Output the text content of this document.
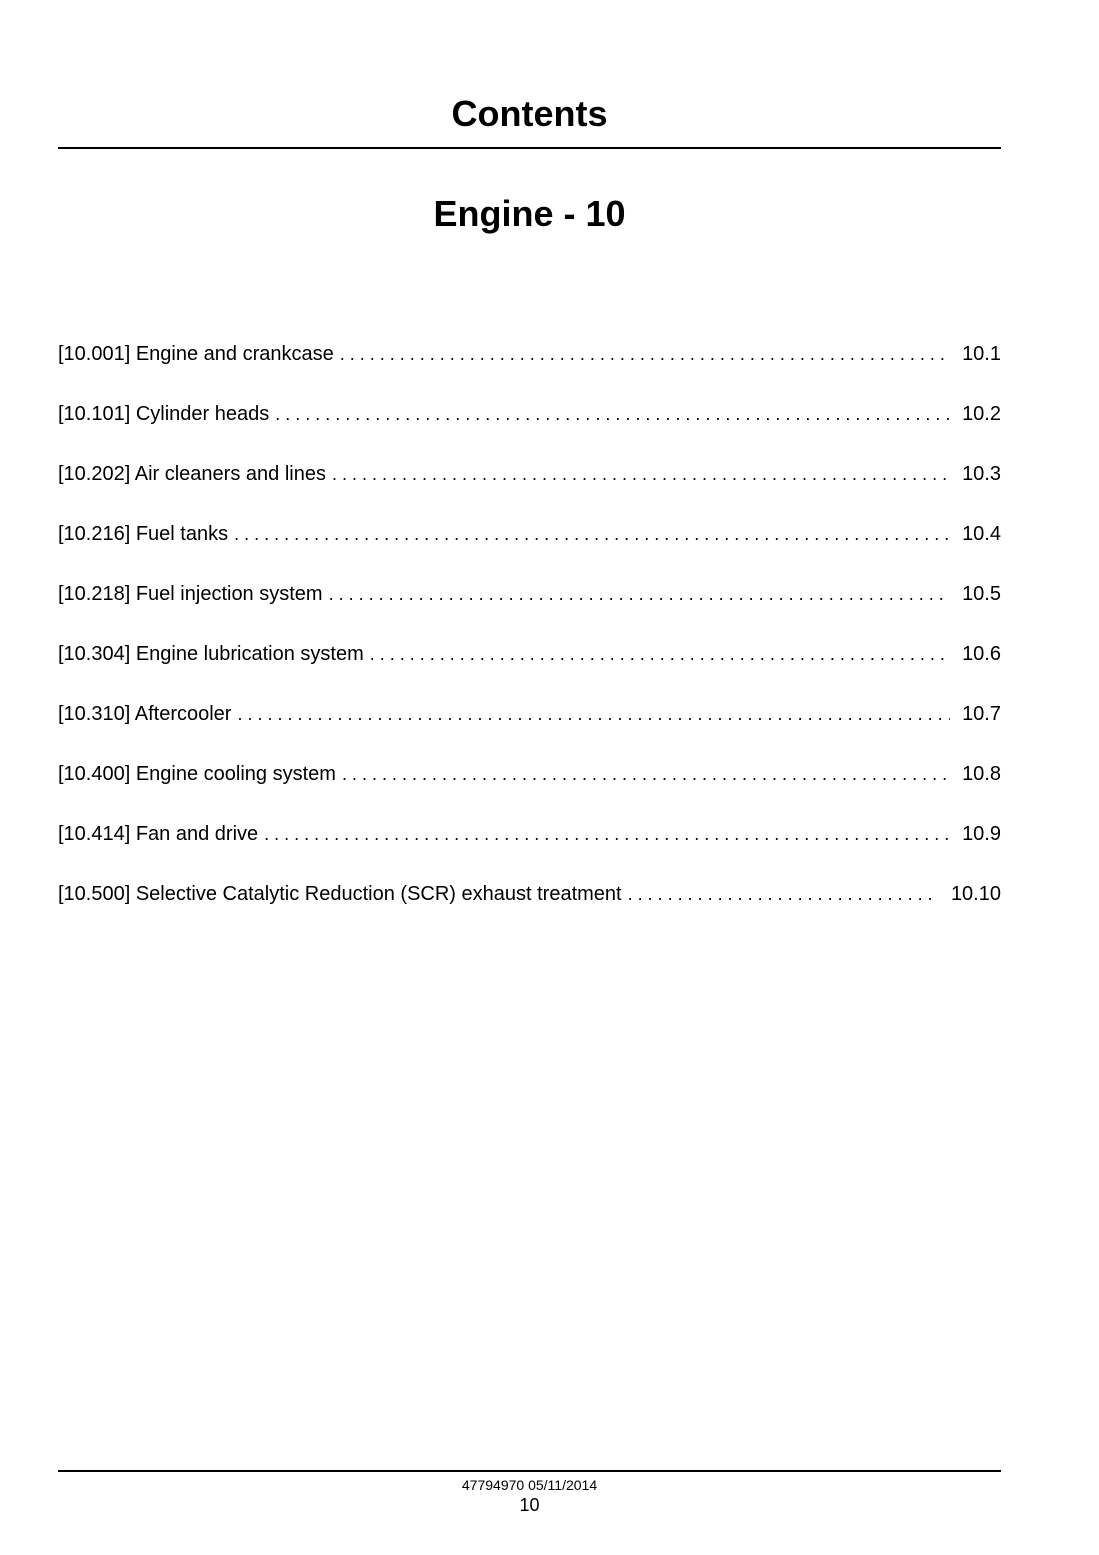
Contents
Engine - 10
[10.001] Engine and crankcase . . .	10.1
[10.101] Cylinder heads . . .	10.2
[10.202] Air cleaners and lines . . .	10.3
[10.216] Fuel tanks . . .	10.4
[10.218] Fuel injection system . . .	10.5
[10.304] Engine lubrication system . . .	10.6
[10.310] Aftercooler . . .	10.7
[10.400] Engine cooling system . . .	10.8
[10.414] Fan and drive . . .	10.9
[10.500] Selective Catalytic Reduction (SCR) exhaust treatment . . .	10.10
47794970 05/11/2014
10
